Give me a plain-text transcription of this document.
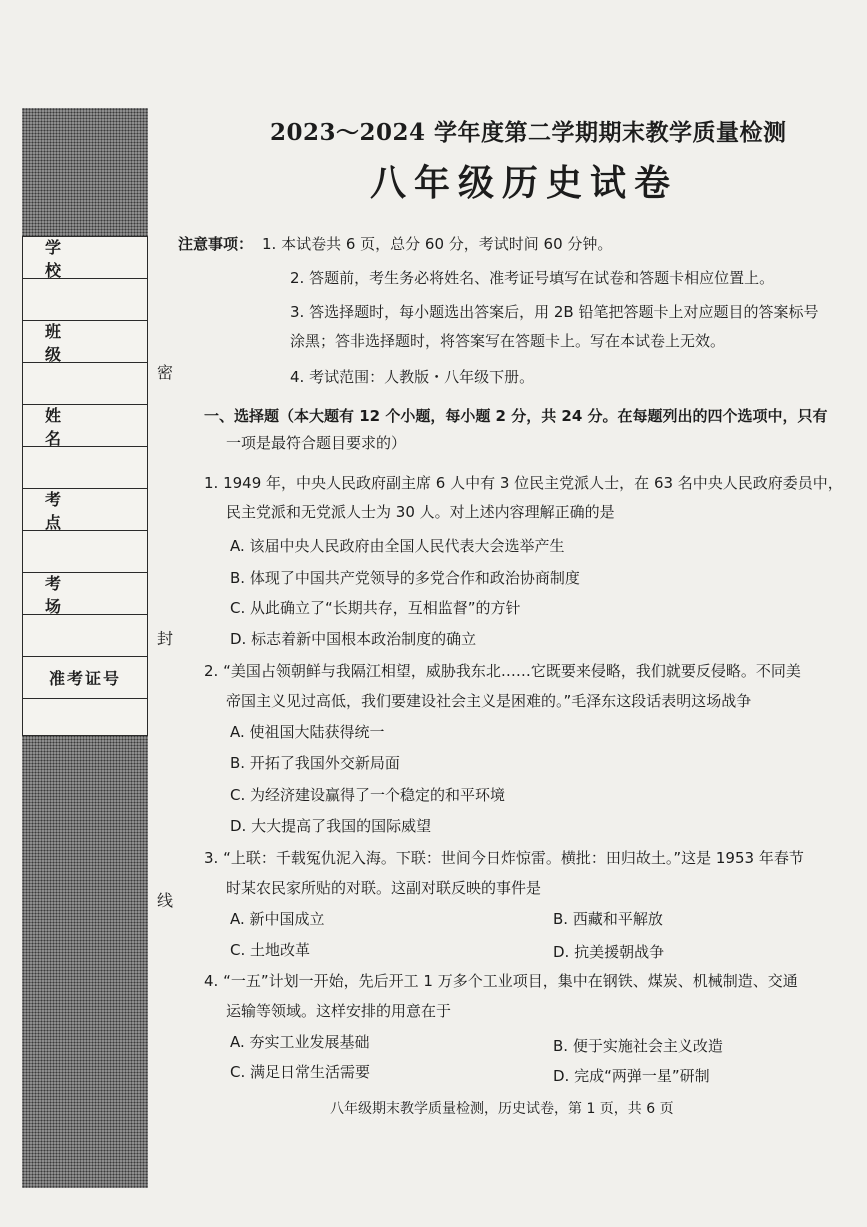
学 校
班 级
姓 名
考 点
考 场
准考证号
密
封
线
2023～2024 学年度第二学期期末教学质量检测
八年级历史试卷
注意事项： 1. 本试卷共 6 页，总分 60 分，考试时间 60 分钟。
2. 答题前，考生务必将姓名、准考证号填写在试卷和答题卡相应位置上。
3. 答选择题时，每小题选出答案后，用 2B 铅笔把答题卡上对应题目的答案标号
涂黑；答非选择题时，将答案写在答题卡上。写在本试卷上无效。
4. 考试范围：人教版・八年级下册。
一、选择题（本大题有 12 个小题，每小题 2 分，共 24 分。在每题列出的四个选项中，只有
一项是最符合题目要求的）
1. 1949 年，中央人民政府副主席 6 人中有 3 位民主党派人士，在 63 名中央人民政府委员中，
民主党派和无党派人士为 30 人。对上述内容理解正确的是
A. 该届中央人民政府由全国人民代表大会选举产生
B. 体现了中国共产党领导的多党合作和政治协商制度
C. 从此确立了“长期共存，互相监督”的方针
D. 标志着新中国根本政治制度的确立
2. “美国占领朝鲜与我隔江相望，威胁我东北……它既要来侵略，我们就要反侵略。不同美
帝国主义见过高低，我们要建设社会主义是困难的。”毛泽东这段话表明这场战争
A. 使祖国大陆获得统一
B. 开拓了我国外交新局面
C. 为经济建设赢得了一个稳定的和平环境
D. 大大提高了我国的国际威望
3. “上联：千载冤仇泥入海。下联：世间今日炸惊雷。横批：田归故土。”这是 1953 年春节
时某农民家所贴的对联。这副对联反映的事件是
A. 新中国成立	B. 西藏和平解放
C. 土地改革	D. 抗美援朝战争
4. “一五”计划一开始，先后开工 1 万多个工业项目，集中在钢铁、煤炭、机械制造、交通
运输等领域。这样安排的用意在于
A. 夯实工业发展基础	B. 便于实施社会主义改造
C. 满足日常生活需要	D. 完成“两弹一星”研制
八年级期末教学质量检测，历史试卷，第 1 页，共 6 页
